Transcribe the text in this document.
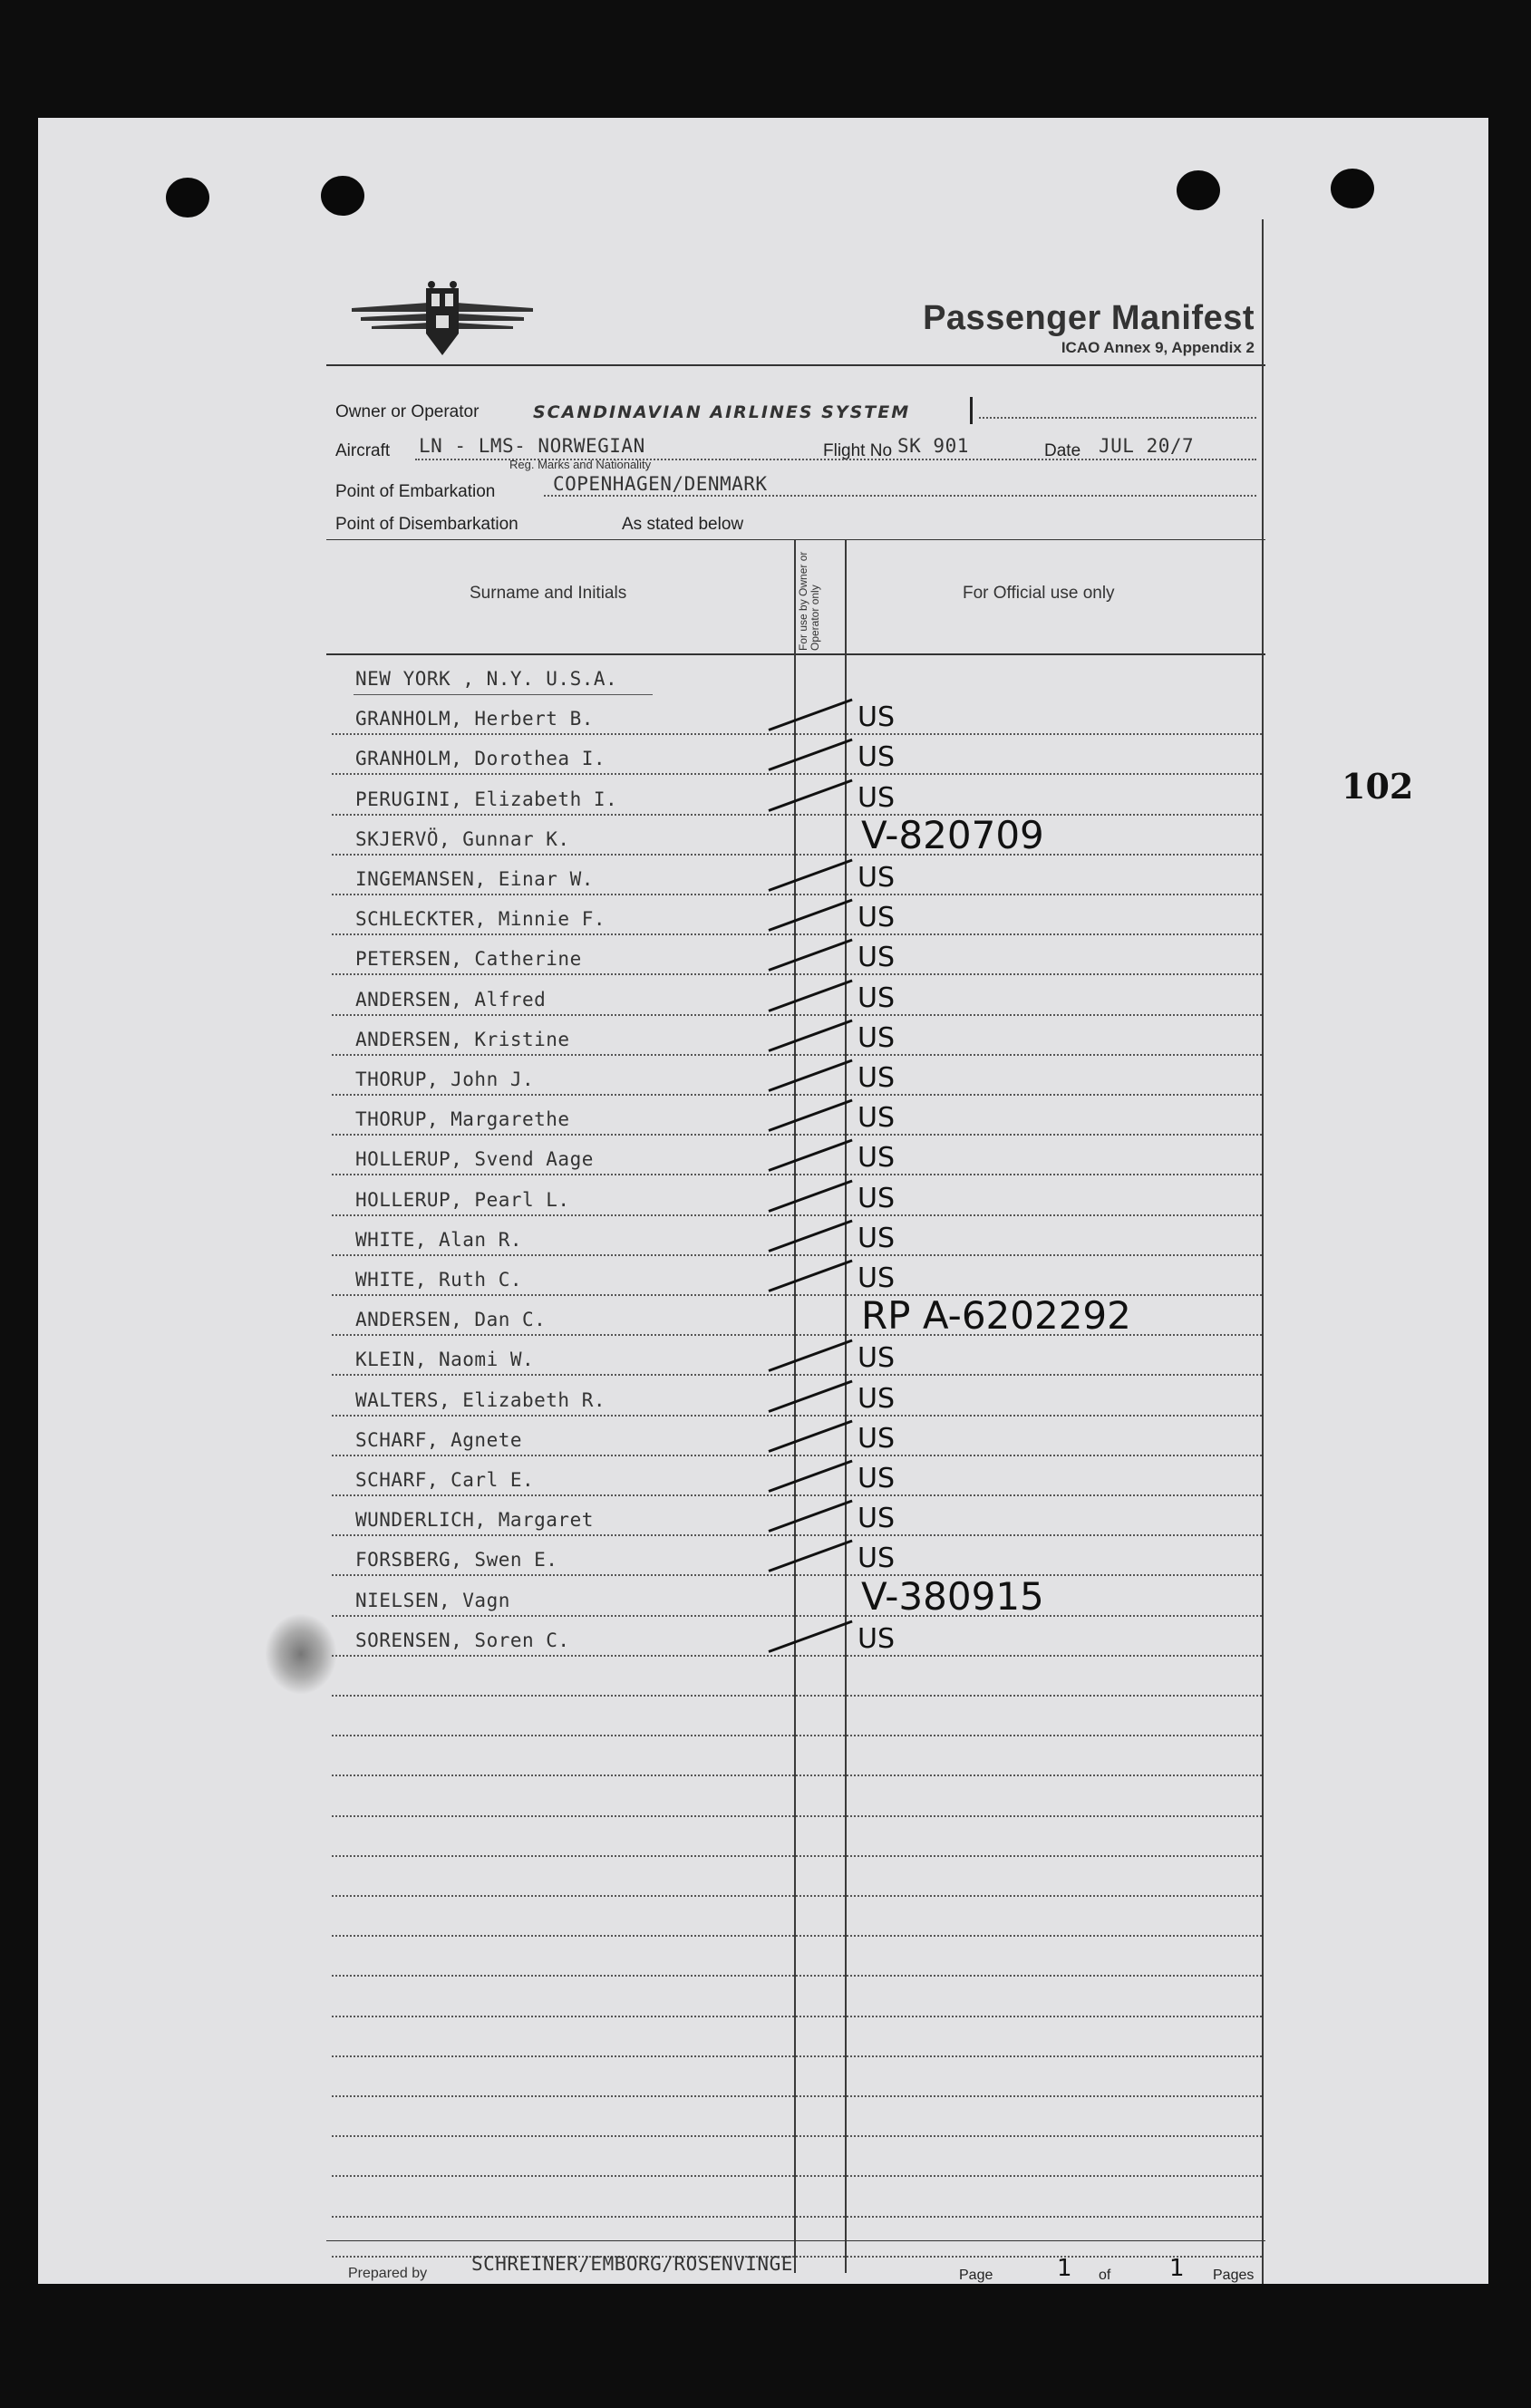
102
Passenger Manifest
ICAO Annex 9, Appendix 2
Owner or Operator	SCANDINAVIAN AIRLINES SYSTEM
Aircraft LN - LMS- NORWEGIAN
Reg. Marks and Nationality
Flight No SK 901	Date JUL 20/7
Point of Embarkation	COPENHAGEN/DENMARK
Point of Disembarkation	As stated below
Surname and Initials	For Official use only
For use by Owner or Operator only
NEW YORK , N.Y. U.S.A.
GRANHOLM, Herbert B.	US
GRANHOLM, Dorothea I.	US
PERUGINI, Elizabeth I.	US
SKJERVÖ, Gunnar K.	V-820709
INGEMANSEN, Einar W.	US
SCHLECKTER, Minnie F.	US
PETERSEN, Catherine	US
ANDERSEN, Alfred	US
ANDERSEN, Kristine	US
THORUP, John J.	US
THORUP, Margarethe	US
HOLLERUP, Svend Aage	US
HOLLERUP, Pearl L.	US
WHITE, Alan R.	US
WHITE, Ruth C.	US
ANDERSEN, Dan C.	RP A-6202292
KLEIN, Naomi W.	US
WALTERS, Elizabeth R.	US
SCHARF, Agnete	US
SCHARF, Carl E.	US
WUNDERLICH, Margaret	US
FORSBERG, Swen E.	US
NIELSEN, Vagn	V-380915
SORENSEN, Soren C.	US
Prepared by SCHREINER/EMBORG/ROSENVINGE
Page	1 of 1 Pages
